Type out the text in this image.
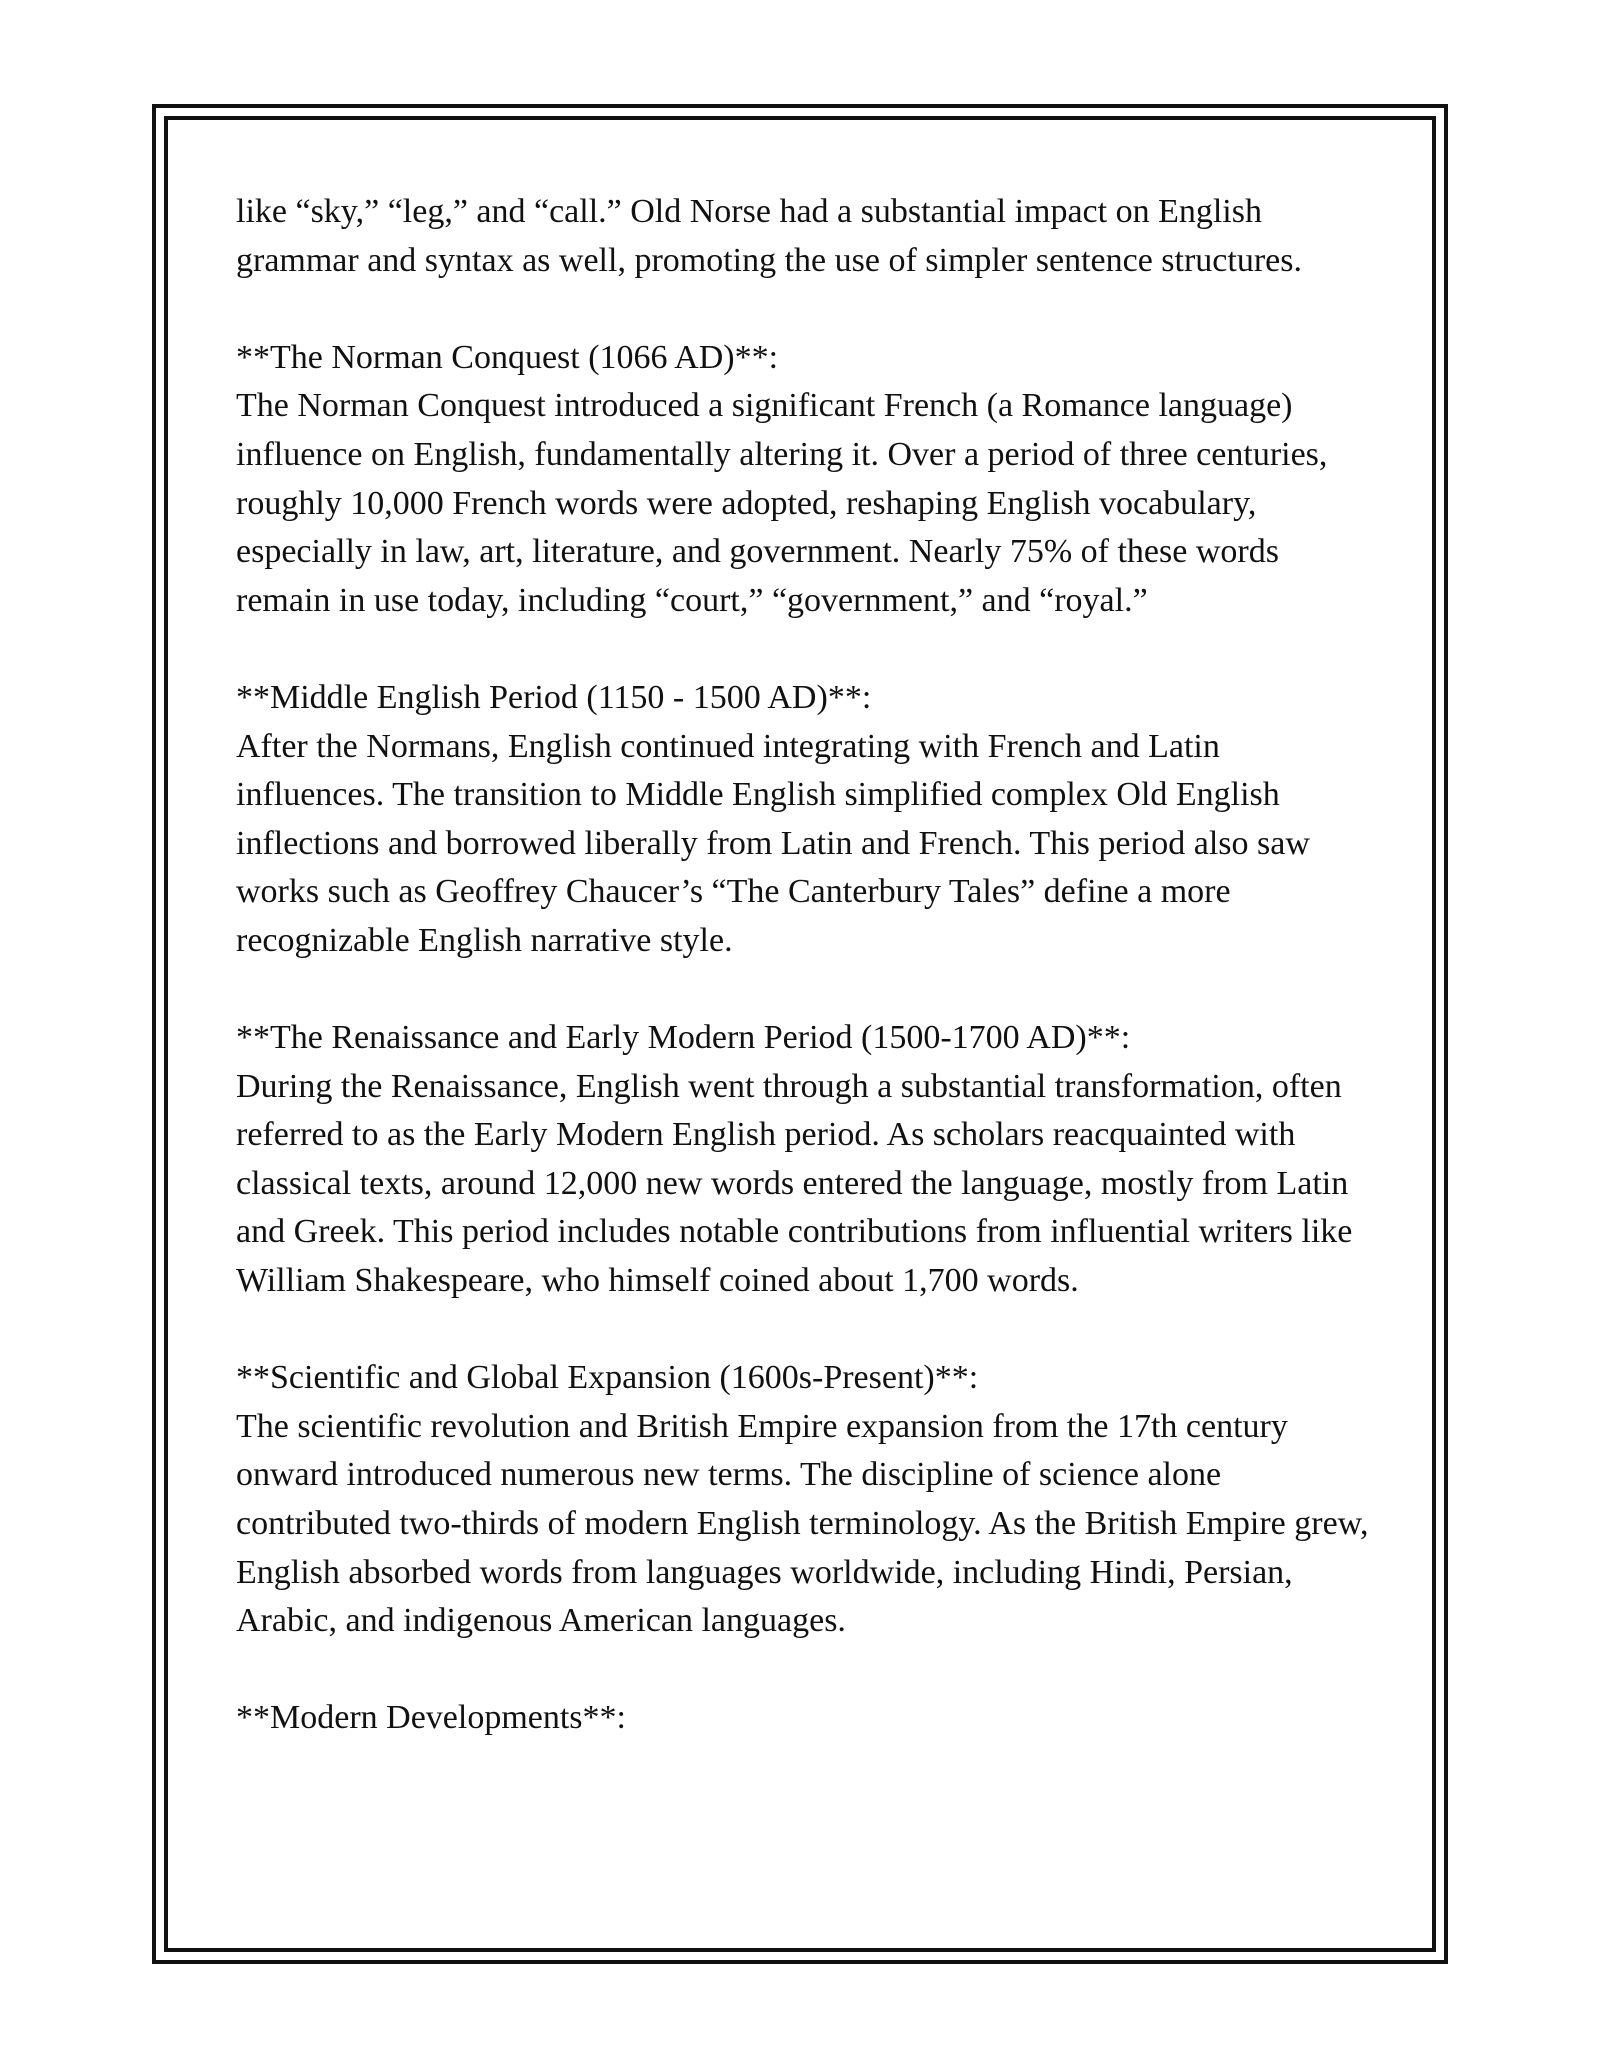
like “sky,” “leg,” and “call.” Old Norse had a substantial impact on English grammar and syntax as well, promoting the use of simpler sentence structures.

**The Norman Conquest (1066 AD)**:

The Norman Conquest introduced a significant French (a Romance language) influence on English, fundamentally altering it. Over a period of three centuries, roughly 10,000 French words were adopted, reshaping English vocabulary, especially in law, art, literature, and government. Nearly 75% of these words remain in use today, including “court,” “government,” and “royal.”

**Middle English Period (1150 - 1500 AD)**:

After the Normans, English continued integrating with French and Latin influences. The transition to Middle English simplified complex Old English inflections and borrowed liberally from Latin and French. This period also saw works such as Geoffrey Chaucer’s “The Canterbury Tales” define a more recognizable English narrative style.

**The Renaissance and Early Modern Period (1500-1700 AD)**:

During the Renaissance, English went through a substantial transformation, often referred to as the Early Modern English period. As scholars reacquainted with classical texts, around 12,000 new words entered the language, mostly from Latin and Greek. This period includes notable contributions from influential writers like William Shakespeare, who himself coined about 1,700 words.

**Scientific and Global Expansion (1600s-Present)**:

The scientific revolution and British Empire expansion from the 17th century onward introduced numerous new terms. The discipline of science alone contributed two-thirds of modern English terminology. As the British Empire grew, English absorbed words from languages worldwide, including Hindi, Persian, Arabic, and indigenous American languages.

**Modern Developments**:
